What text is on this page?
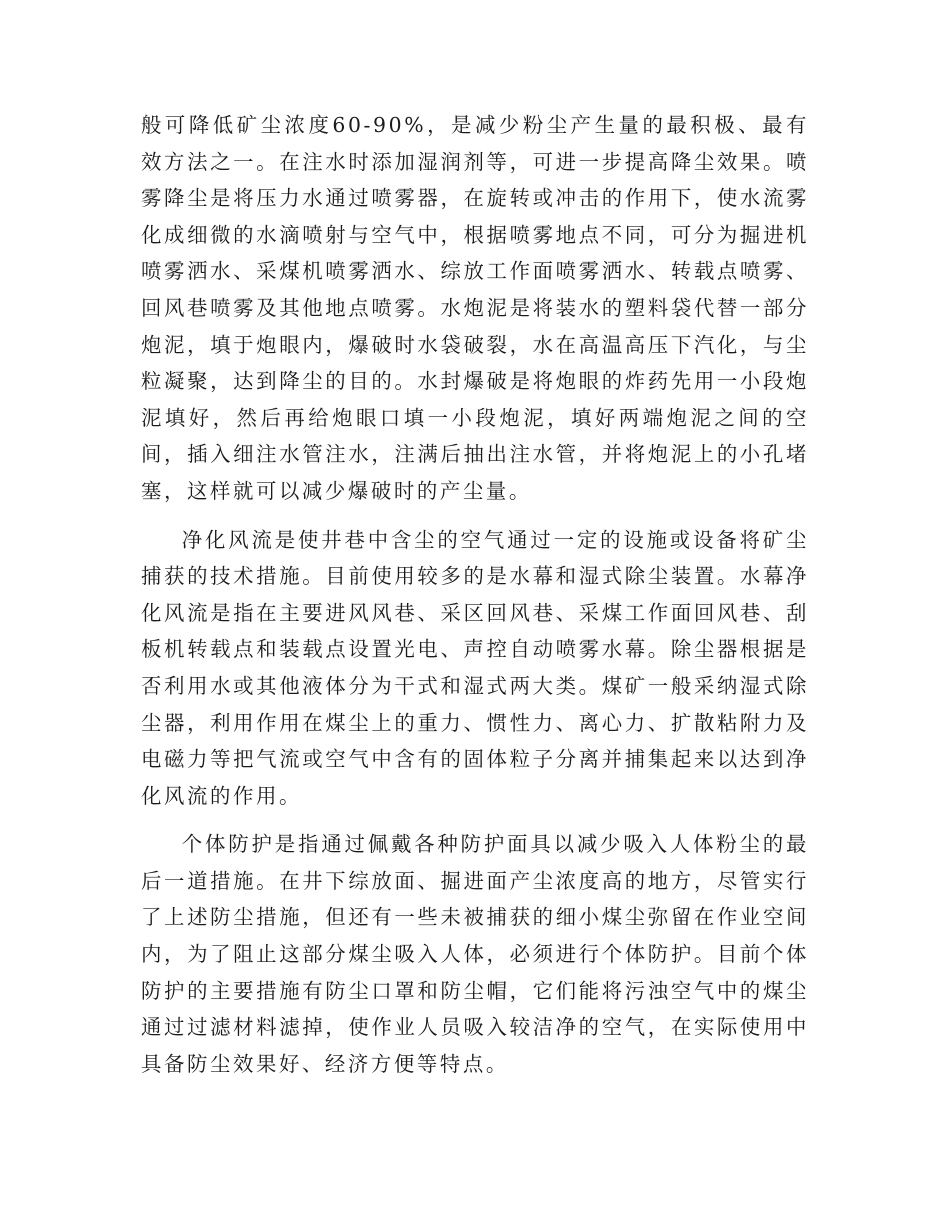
般可降低矿尘浓度60-90%，是减少粉尘产生量的最积极、最有效方法之一。在注水时添加湿润剂等，可进一步提高降尘效果。喷雾降尘是将压力水通过喷雾器，在旋转或冲击的作用下，使水流雾化成细微的水滴喷射与空气中，根据喷雾地点不同，可分为掘进机喷雾洒水、采煤机喷雾洒水、综放工作面喷雾洒水、转载点喷雾、回风巷喷雾及其他地点喷雾。水炮泥是将装水的塑料袋代替一部分炮泥，填于炮眼内，爆破时水袋破裂，水在高温高压下汽化，与尘粒凝聚，达到降尘的目的。水封爆破是将炮眼的炸药先用一小段炮泥填好，然后再给炮眼口填一小段炮泥，填好两端炮泥之间的空间，插入细注水管注水，注满后抽出注水管，并将炮泥上的小孔堵塞，这样就可以减少爆破时的产尘量。

净化风流是使井巷中含尘的空气通过一定的设施或设备将矿尘捕获的技术措施。目前使用较多的是水幕和湿式除尘装置。水幕净化风流是指在主要进风风巷、采区回风巷、采煤工作面回风巷、刮板机转载点和装载点设置光电、声控自动喷雾水幕。除尘器根据是否利用水或其他液体分为干式和湿式两大类。煤矿一般采纳湿式除尘器，利用作用在煤尘上的重力、惯性力、离心力、扩散粘附力及电磁力等把气流或空气中含有的固体粒子分离并捕集起来以达到净化风流的作用。

个体防护是指通过佩戴各种防护面具以减少吸入人体粉尘的最后一道措施。在井下综放面、掘进面产尘浓度高的地方，尽管实行了上述防尘措施，但还有一些未被捕获的细小煤尘弥留在作业空间内，为了阻止这部分煤尘吸入人体，必须进行个体防护。目前个体防护的主要措施有防尘口罩和防尘帽，它们能将污浊空气中的煤尘通过过滤材料滤掉，使作业人员吸入较洁净的空气，在实际使用中具备防尘效果好、经济方便等特点。
